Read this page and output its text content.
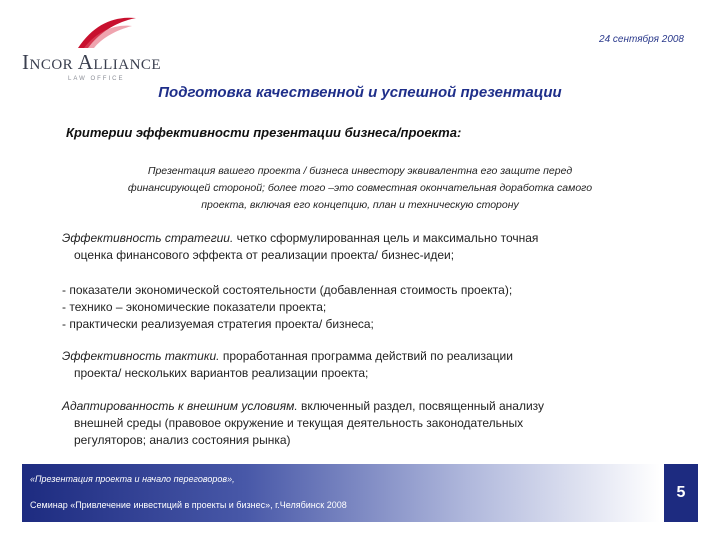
Incor Alliance
LAW OFFICE
24 сентября 2008
Подготовка качественной и успешной презентации
Критерии эффективности презентации бизнеса/проекта:
Презентация вашего проекта / бизнеса инвестору эквивалентна его защите перед
финансирующей стороной; более того –это совместная окончательная доработка самого
проекта, включая его концепцию, план и техническую сторону
Эффективность стратегии. четко сформулированная цель и максимально точная
оценка финансового эффекта от реализации проекта/ бизнес-идеи;
- показатели экономической состоятельности (добавленная стоимость проекта);
- технико – экономические показатели проекта;
- практически реализуемая стратегия проекта/ бизнеса;
Эффективность тактики. проработанная программа действий по реализации
проекта/ нескольких вариантов реализации проекта;
Адаптированность к внешним условиям. включенный раздел, посвященный анализу
внешней среды (правовое окружение и текущая деятельность законодательных
регуляторов; анализ состояния рынка)
«Презентация проекта и начало переговоров»,
Семинар «Привлечение инвестиций в проекты и бизнес», г.Челябинск 2008
5
